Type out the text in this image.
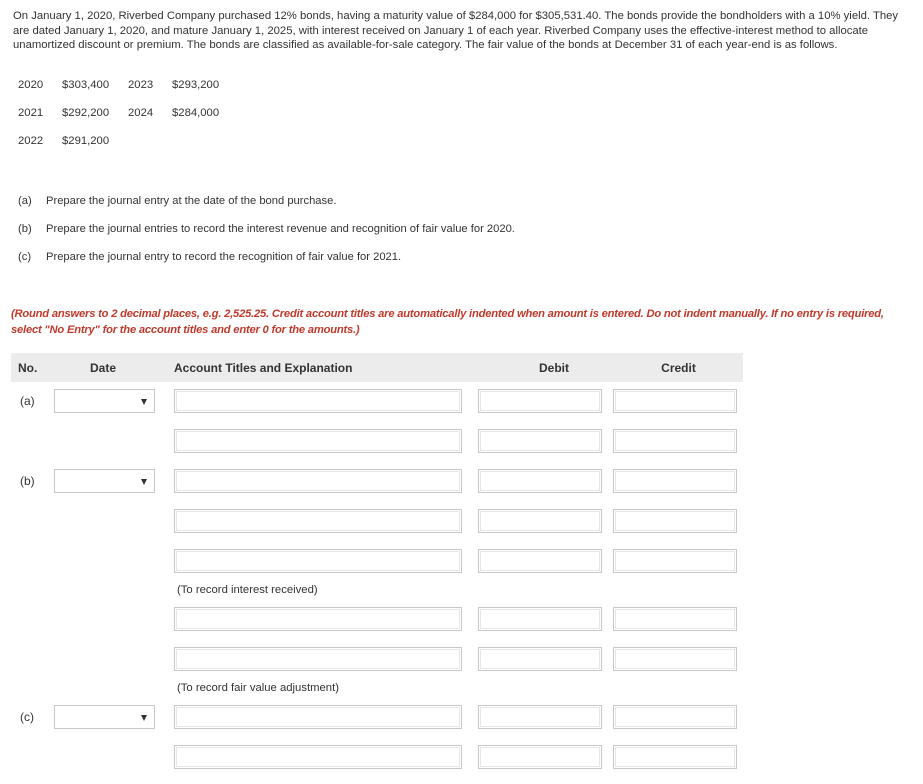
On January 1, 2020, Riverbed Company purchased 12% bonds, having a maturity value of $284,000 for $305,531.40. The bonds provide the bondholders with a 10% yield. They are dated January 1, 2020, and mature January 1, 2025, with interest received on January 1 of each year. Riverbed Company uses the effective-interest method to allocate unamortized discount or premium. The bonds are classified as available-for-sale category. The fair value of the bonds at December 31 of each year-end is as follows.
2020	$303,400	2023	$293,200
2021	$292,200	2024	$284,000
2022	$291,200
(a)	Prepare the journal entry at the date of the bond purchase.
(b)	Prepare the journal entries to record the interest revenue and recognition of fair value for 2020.
(c)	Prepare the journal entry to record the recognition of fair value for 2021.
(Round answers to 2 decimal places, e.g. 2,525.25. Credit account titles are automatically indented when amount is entered. Do not indent manually. If no entry is required, select "No Entry" for the account titles and enter 0 for the amounts.)
No.	Date	Account Titles and Explanation	Debit	Credit
(a)
(b)
(To record interest received)
(To record fair value adjustment)
(c)
